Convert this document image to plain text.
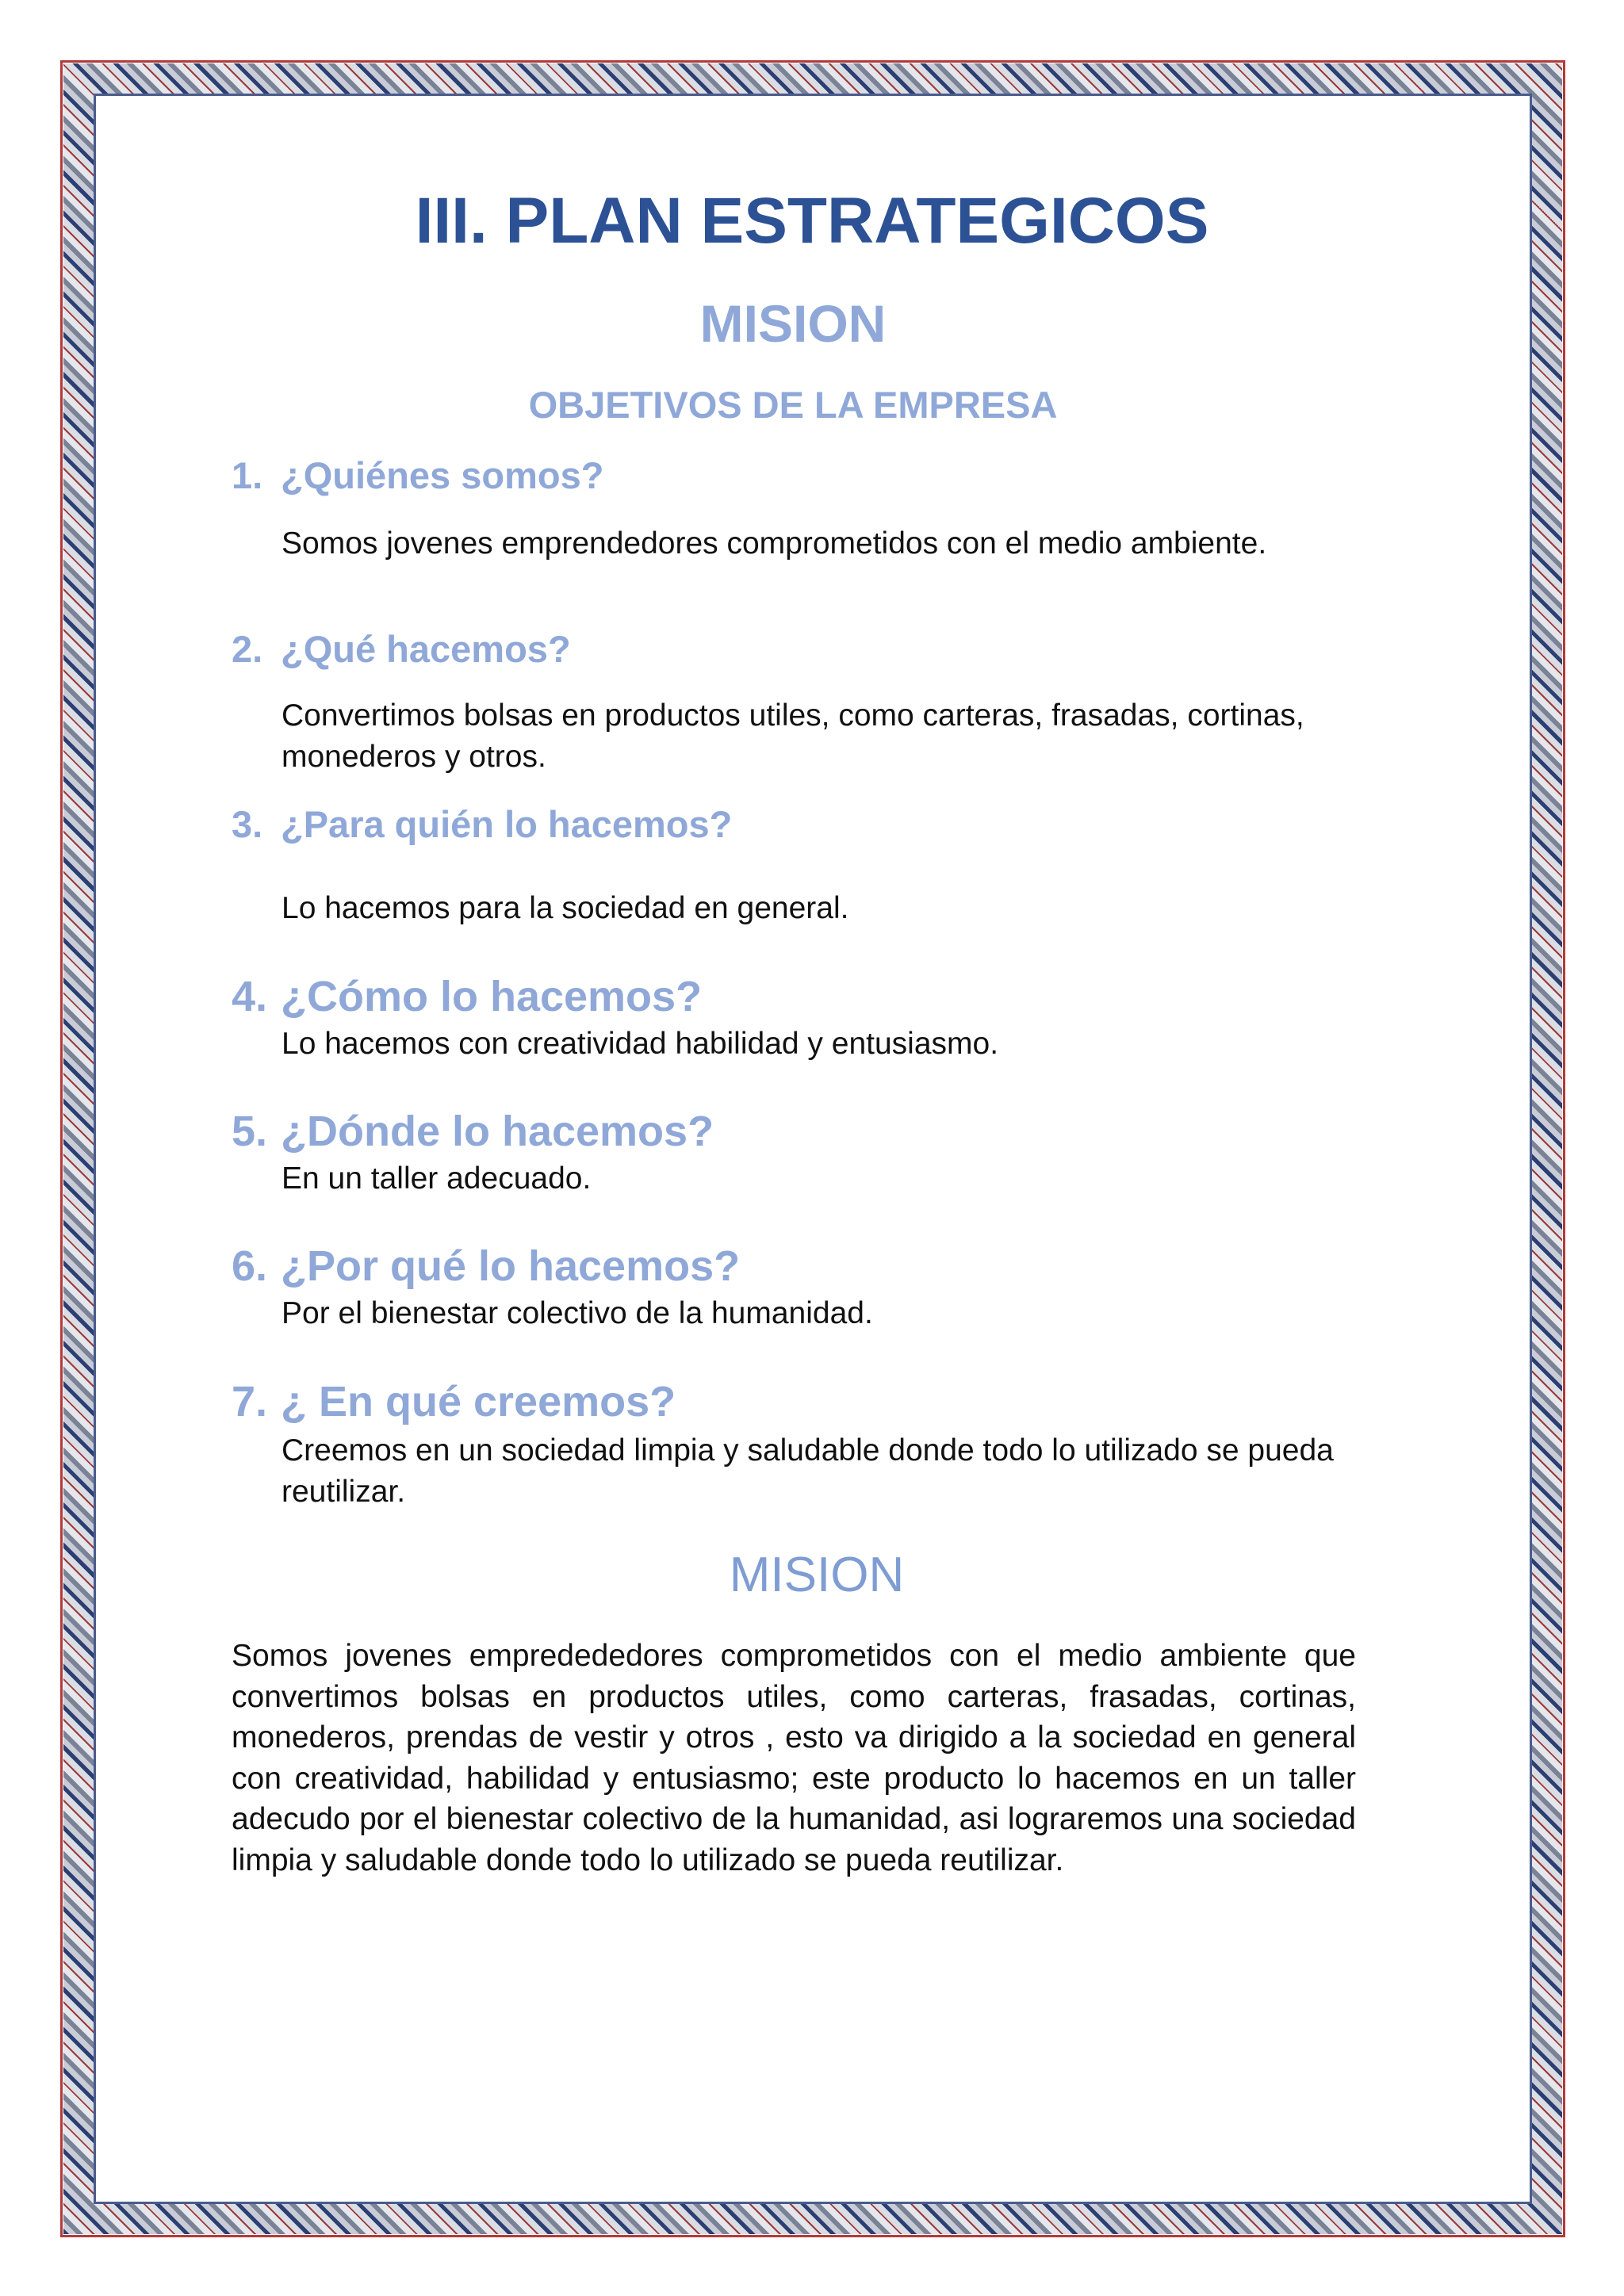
III. PLAN ESTRATEGICOS
MISION
OBJETIVOS DE LA EMPRESA
1. ¿Quiénes somos?
Somos jovenes emprendedores comprometidos con el medio ambiente.
2. ¿Qué hacemos?
Convertimos bolsas en productos utiles, como carteras, frasadas, cortinas, monederos y otros.
3. ¿Para quién lo hacemos?
Lo hacemos para la sociedad en general.
4. ¿Cómo lo hacemos?
Lo hacemos con creatividad habilidad y entusiasmo.
5. ¿Dónde lo hacemos?
En un taller adecuado.
6. ¿Por qué lo hacemos?
Por el bienestar colectivo de la humanidad.
7. ¿ En qué creemos?
Creemos en un sociedad limpia y saludable donde todo lo utilizado se pueda reutilizar.
MISION
Somos jovenes empredededores comprometidos con el medio ambiente que convertimos bolsas en productos utiles, como carteras, frasadas, cortinas, monederos, prendas de vestir y otros , esto va dirigido a la sociedad en general con creatividad, habilidad y entusiasmo; este producto lo hacemos en un taller adecudo por el bienestar colectivo de la humanidad, asi lograremos una sociedad limpia y saludable donde todo lo utilizado se pueda reutilizar.
